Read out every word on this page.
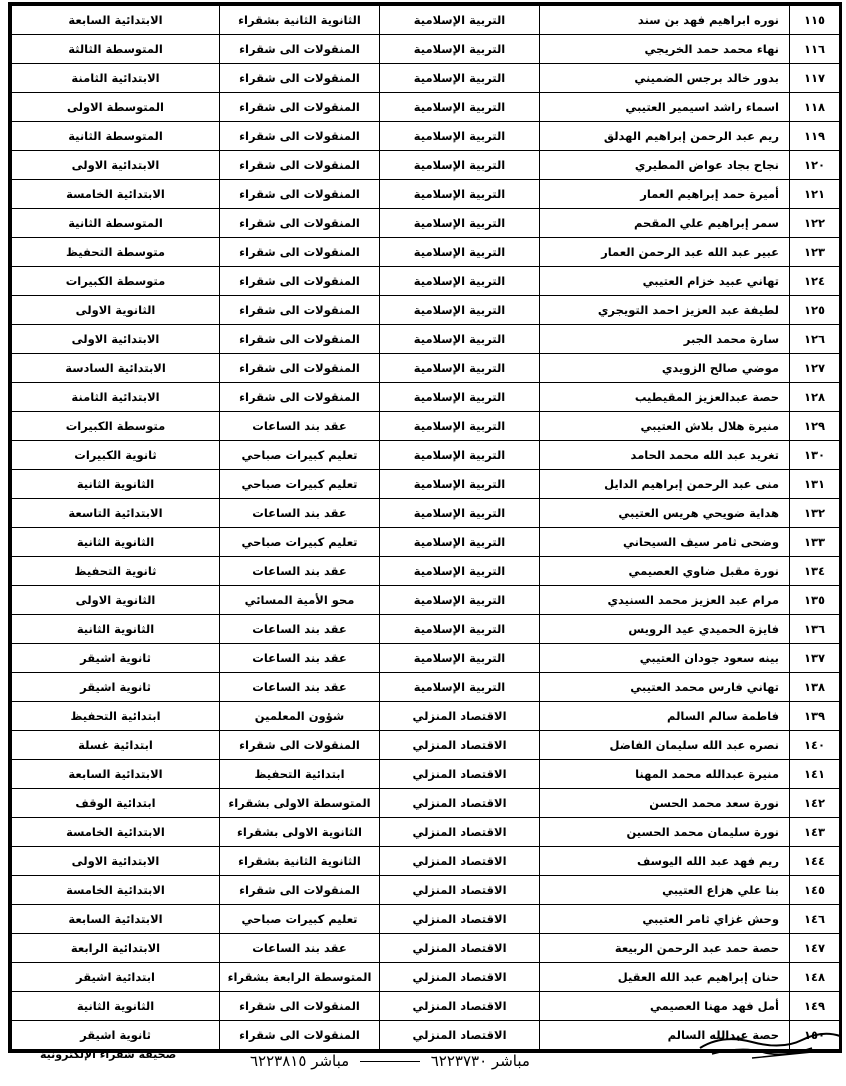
١١٥	نوره ابراهيم فهد بن سند	التربية الإسلامية	الثانوية الثانية بشقراء	الابتدائية السابعة
١١٦	نهاء محمد حمد الخريجي	التربية الإسلامية	المنقولات الى شقراء	المتوسطة الثالثة
١١٧	بدور خالد برجس الضميني	التربية الإسلامية	المنقولات الى شقراء	الابتدائية الثامنة
١١٨	اسماء راشد اسيمير العتيبي	التربية الإسلامية	المنقولات الى شقراء	المتوسطة الاولى
١١٩	ريم عبد الرحمن إبراهيم الهدلق	التربية الإسلامية	المنقولات الى شقراء	المتوسطة الثانية
١٢٠	نجاح بجاد عواض المطيري	التربية الإسلامية	المنقولات الى شقراء	الابتدائية الاولى
١٢١	أميرة حمد إبراهيم العمار	التربية الإسلامية	المنقولات الى شقراء	الابتدائية الخامسة
١٢٢	سمر إبراهيم علي المقحم	التربية الإسلامية	المنقولات الى شقراء	المتوسطة الثانية
١٢٣	عبير عبد الله عبد الرحمن العمار	التربية الإسلامية	المنقولات الى شقراء	متوسطة التحفيظ
١٢٤	تهاني عبيد خزام العتيبي	التربية الإسلامية	المنقولات الى شقراء	متوسطة الكبيرات
١٢٥	لطيفة عبد العزيز احمد التويجري	التربية الإسلامية	المنقولات الى شقراء	الثانوية الاولى
١٢٦	سارة محمد الجبر	التربية الإسلامية	المنقولات الى شقراء	الابتدائية الاولى
١٢٧	موضي صالح الزويدي	التربية الإسلامية	المنقولات الى شقراء	الابتدائية السادسة
١٢٨	حصة عبدالعزيز المقيطيب	التربية الإسلامية	المنقولات الى شقراء	الابتدائية الثامنة
١٢٩	منيرة هلال بلاش العتيبي	التربية الإسلامية	عقد بند الساعات	متوسطة الكبيرات
١٣٠	تغريد عبد الله محمد الحامد	التربية الإسلامية	تعليم كبيرات صباحي	ثانوية الكبيرات
١٣١	منى عبد الرحمن إبراهيم الدايل	التربية الإسلامية	تعليم كبيرات صباحي	الثانوية الثانية
١٣٢	هداية ضويحي هريس العتيبي	التربية الإسلامية	عقد بند الساعات	الابتدائية التاسعة
١٣٣	وضحى ثامر سيف السيحاني	التربية الإسلامية	تعليم كبيرات صباحي	الثانوية الثانية
١٣٤	نورة مقبل ضاوي العصيمي	التربية الإسلامية	عقد بند الساعات	ثانوية التحفيظ
١٣٥	مرام عبد العزيز محمد السنيدي	التربية الإسلامية	محو الأمية المسائي	الثانوية الاولى
١٣٦	فايزة الحميدي عيد الرويس	التربية الإسلامية	عقد بند الساعات	الثانوية الثانية
١٣٧	بينه سعود جودان العتيبي	التربية الإسلامية	عقد بند الساعات	ثانوية اشيقر
١٣٨	تهاني فارس محمد العتيبي	التربية الإسلامية	عقد بند الساعات	ثانوية اشيقر
١٣٩	فاطمة سالم السالم	الاقتصاد المنزلي	شؤون المعلمين	ابتدائية التحفيظ
١٤٠	نصره عبد الله سليمان الفاضل	الاقتصاد المنزلي	المنقولات الى شقراء	ابتدائية غسلة
١٤١	منيرة عبدالله محمد المهنا	الاقتصاد المنزلي	ابتدائية التحفيظ	الابتدائية السابعة
١٤٢	نورة سعد محمد الحسن	الاقتصاد المنزلي	المتوسطة الاولى بشقراء	ابتدائية الوقف
١٤٣	نورة سليمان محمد الحسين	الاقتصاد المنزلي	الثانوية الاولى بشقراء	الابتدائية الخامسة
١٤٤	ريم فهد عبد الله اليوسف	الاقتصاد المنزلي	الثانوية الثانية بشقراء	الابتدائية الاولى
١٤٥	بنا علي هزاع العتيبي	الاقتصاد المنزلي	المنقولات الى شقراء	الابتدائية الخامسة
١٤٦	وحش غزاي ثامر العتيبي	الاقتصاد المنزلي	تعليم كبيرات صباحي	الابتدائية السابعة
١٤٧	حصة حمد عبد الرحمن الربيعة	الاقتصاد المنزلي	عقد بند الساعات	الابتدائية الرابعة
١٤٨	حنان إبراهيم عبد الله العقيل	الاقتصاد المنزلي	المتوسطة الرابعة بشقراء	ابتدائية اشيقر
١٤٩	أمل فهد مهنا العصيمي	الاقتصاد المنزلي	المنقولات الى شقراء	الثانوية الثانية
١٥٠	حصة عبدالله السالم	الاقتصاد المنزلي	المنقولات الى شقراء	ثانوية اشيقر
مباشر ٦٢٢٣٧٣٠  مباشر ٦٢٢٣٨١٥
صحيفة شقراء الإلكترونية
